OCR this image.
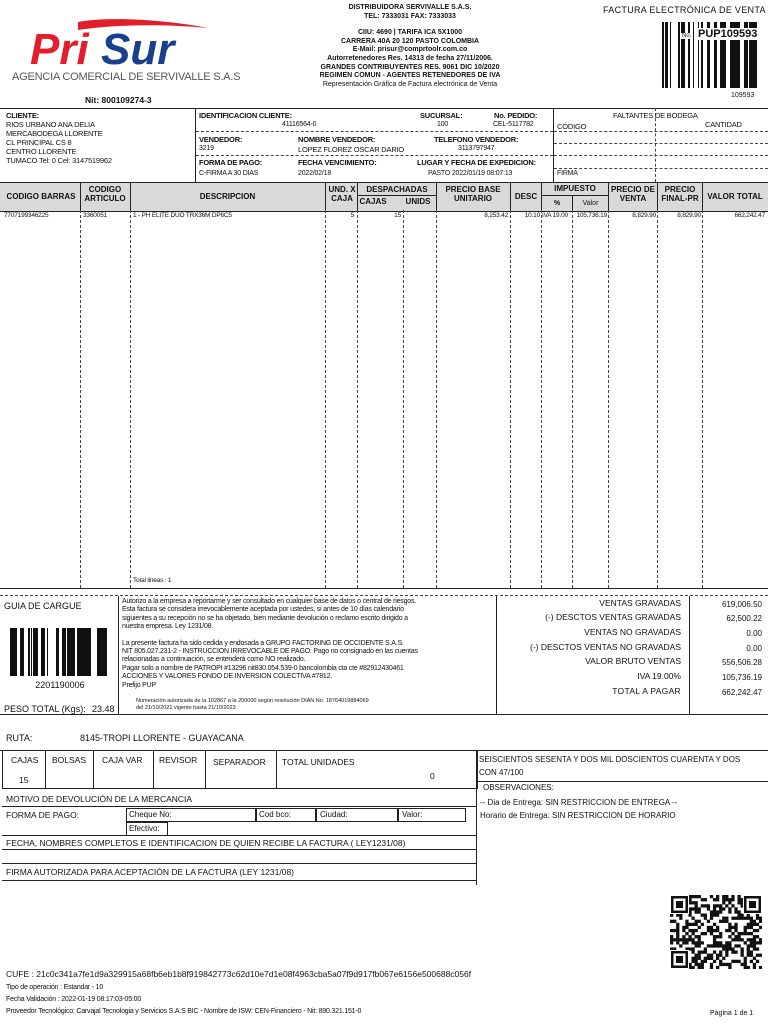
Pri Sur
AGENCIA COMERCIAL DE SERVIVALLE S.A.S
Nit: 800109274-3
DISTRIBUIDORA SERVIVALLE S.A.S.
TEL: 7333031 FAX: 7333033
CIIU: 4690 | TARIFA ICA 5X1000
CARRERA 40A 20 120 PASTO COLOMBIA
E-Mail: prisur@comprtoolr.com.co
Autorretenedores Res. 14313 de fecha 27/11/2006.
GRANDES CONTRIBUYENTES RES. 9061 DIC 10/2020
REGIMEN COMUN - AGENTES RETENEDORES DE IVA
Representación Gráfica de Factura electrónica de Venta
FACTURA ELECTRÓNICA DE VENTA
No. PUP109593
109593
CLIENTE:
RIOS URBANO ANA DELIA
MERCABODEGA LLORENTE
CL PRINCIPAL CS 8
CENTRO LLORENTE
TUMACO Tel: 0 Cel: 3147519962
IDENTIFICACION CLIENTE:
41116564-0
SUCURSAL:
100
No. PEDIDO:
CEL-5117782
VENDEDOR:
3219
NOMBRE VENDEDOR:
LOPEZ FLOREZ OSCAR DARIO
TELEFONO VENDEDOR:
3113797947
FORMA DE PAGO:
C-FIRMA A 30 DIAS
FECHA VENCIMIENTO:
2022/02/18
LUGAR Y FECHA DE EXPEDICION:
PASTO 2022/01/19 08:07:13
FALTANTES DE BODEGA
CÓDIGO	CANTIDAD
FIRMA
CODIGO BARRAS
CODIGO ARTICULO	DESCRIPCION
UND. X CAJA
DESPACHADAS
CAJAS	UNIDS
PRECIO BASE UNITARIO	DESC
IMPUESTO
%	Valor
PRECIO DE VENTA
PRECIO FINAL-PR	VALOR TOTAL
7707199346225	3360051	1 - PH ELITE DUO TRX36M DP6C5	5	15	8,253.42	10.10 IVA 19.00	105,736.19	8,829.90	8,829.90	662,242.47
Total lineas : 1
GUIA DE CARGUE
2201190006
PESO TOTAL (Kgs): 23.48
Autorizo a la empresa a reportarme y ser consultado en cualquier base de datos o central de riesgos.
Esta factura se considera irrevocablemente aceptada por ustedes, si antes de 10 días calendario
siguientes a su recepción no se ha objetado, bien mediante devolución o reclamo escrito dirigido a
nuestra empresa. Ley 1231/08.
La presente factura ha sido cedida y endosada a GRUPO FACTORING DE OCCIDENTE S.A.S.
NIT 805.027.231-2 - INSTRUCCION IRREVOCABLE DE PAGO: Pago no consignado en las cuentas
relacionadas a continuación, se entenderá como NO realizado.
Pagar solo a nombre de PATROPI #13296 nit830.054.539-0 bancolombia cta cte #82912430461
ACCIONES Y VALORES FONDO DE INVERSION COLECTIVA #7812.
Prefijo PUP
Numeración autorizada de la 102867 a la 200000 según resolución DIAN No. 18764019884069
del 21/10/2021 vigente hasta 21/10/2023
VENTAS GRAVADAS	619,006.50
(-) DESCTOS VENTAS GRAVADAS	62,500.22
VENTAS NO GRAVADAS	0.00
(-) DESCTOS VENTAS NO GRAVADAS	0.00
VALOR BRUTO VENTAS	556,506.28
IVA 19.00%	105,736.19
TOTAL A PAGAR	662,242.47
RUTA:	8145-TROPI LLORENTE - GUAYACANA
CAJAS
15
BOLSAS CAJA VAR REVISOR SEPARADOR TOTAL UNIDADES
0
SEISCIENTOS SESENTA Y DOS MIL DOSCIENTOS CUARENTA Y DOS
CON 47/100
OBSERVACIONES:
-- Dia de Entrega: SIN RESTRICCION DE ENTREGA --
Horario de Entrega: SIN RESTRICCION DE HORARIO
MOTIVO DE DEVOLUCIÓN DE LA MERCANCIA
FORMA DE PAGO:	Cheque No:	Cod bco:	Ciudad:	Valor:
Efectivo:
FECHA, NOMBRES COMPLETOS E IDENTIFICACION DE QUIEN RECIBE LA FACTURA ( LEY1231/08)
FIRMA AUTORIZADA PARA ACEPTACIÓN DE LA FACTURA (LEY 1231/08)
CUFE : 21c0c341a7fe1d9a329915a68fb6eb1b8f919842773c62d10e7d1e08f4963cba5a07f9d917fb067e6156e500688c056f
Tipo de operación : Estandar - 10
Fecha Validación : 2022-01-19 08:17:03-05:00
Proveedor Tecnológico: Carvajal Tecnologia y Servicios S.A.S BIC - Nombre de ISW: CEN-Financiero - Nit: 890.321.151-0	Página 1 de 1
